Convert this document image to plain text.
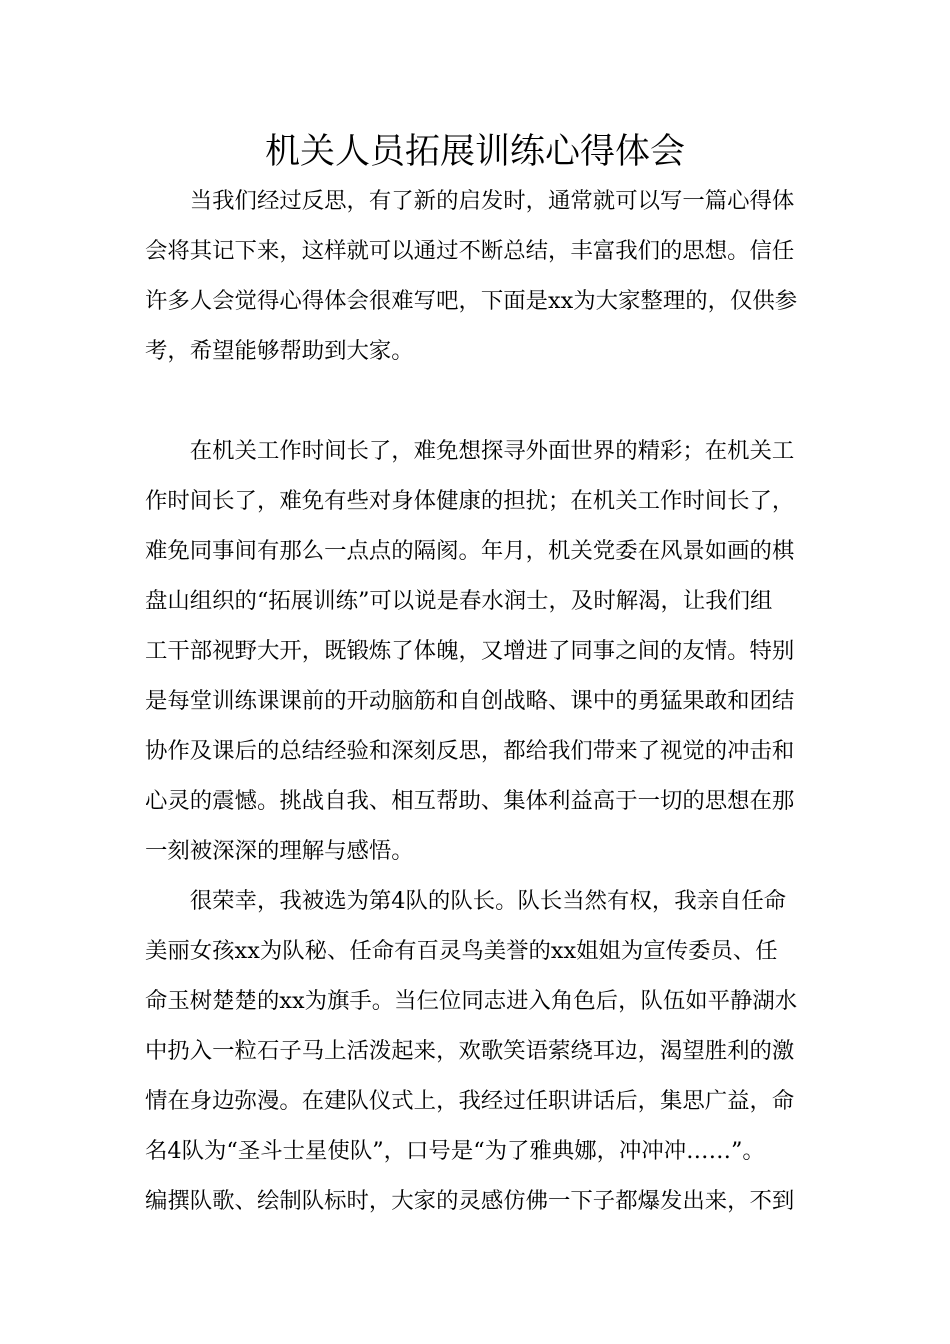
机关人员拓展训练心得体会

　　当我们经过反思，有了新的启发时，通常就可以写一篇心得体

会将其记下来，这样就可以通过不断总结，丰富我们的思想。信任

许多人会觉得心得体会很难写吧，下面是xx为大家整理的，仅供参

考，希望能够帮助到大家。

　　在机关工作时间长了，难免想探寻外面世界的精彩；在机关工

作时间长了，难免有些对身体健康的担扰；在机关工作时间长了，

难免同事间有那么一点点的隔阂。年月，机关党委在风景如画的棋

盘山组织的“拓展训练”可以说是春水润士，及时解渴，让我们组

工干部视野大开，既锻炼了体魄，又增进了同事之间的友情。特别

是每堂训练课课前的开动脑筋和自创战略、课中的勇猛果敢和团结

协作及课后的总结经验和深刻反思，都给我们带来了视觉的冲击和

心灵的震憾。挑战自我、相互帮助、集体利益高于一切的思想在那

一刻被深深的理解与感悟。

　　很荣幸，我被选为第4队的队长。队长当然有权，我亲自任命

美丽女孩xx为队秘、任命有百灵鸟美誉的xx姐姐为宣传委员、任

命玉树楚楚的xx为旗手。当仨位同志进入角色后，队伍如平静湖水

中扔入一粒石子马上活泼起来，欢歌笑语萦绕耳边，渴望胜利的激

情在身边弥漫。在建队仪式上，我经过任职讲话后，集思广益，命

名4队为“圣斗士星使队”，口号是“为了雅典娜，冲冲冲……”。

编撰队歌、绘制队标时，大家的灵感仿佛一下子都爆发出来，不到
